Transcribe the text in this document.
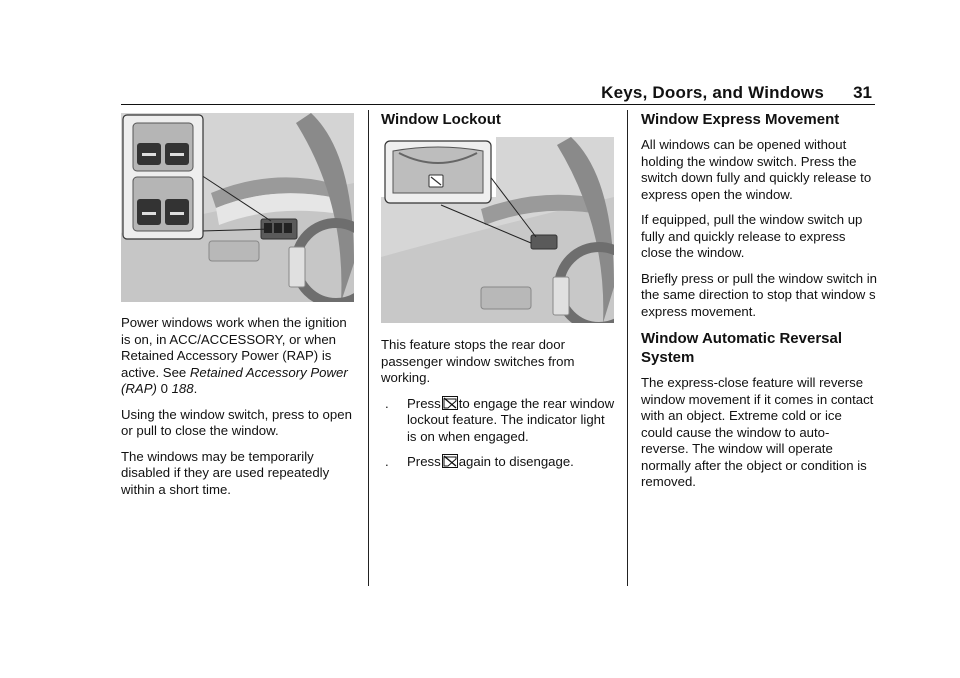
Keys, Doors, and Windows 31

Power windows work when the ignition is on, in ACC/ACCESSORY, or when Retained Accessory Power (RAP) is active. See Retained Accessory Power (RAP) 0 188.

Using the window switch, press to open or pull to close the window.

The windows may be temporarily disabled if they are used repeatedly within a short time.

Window Lockout

This feature stops the rear door passenger window switches from working.

.	Press to engage the rear window lockout feature. The indicator light is on when engaged.
.	Press again to disengage.
Window Express Movement

All windows can be opened without holding the window switch. Press the switch down fully and quickly release to express open the window.

If equipped, pull the window switch up fully and quickly release to express close the window.

Briefly press or pull the window switch in the same direction to stop that window s express movement.

Window Automatic Reversal System

The express-close feature will reverse window movement if it comes in contact with an object. Extreme cold or ice could cause the window to auto-reverse. The window will operate normally after the object or condition is removed.
